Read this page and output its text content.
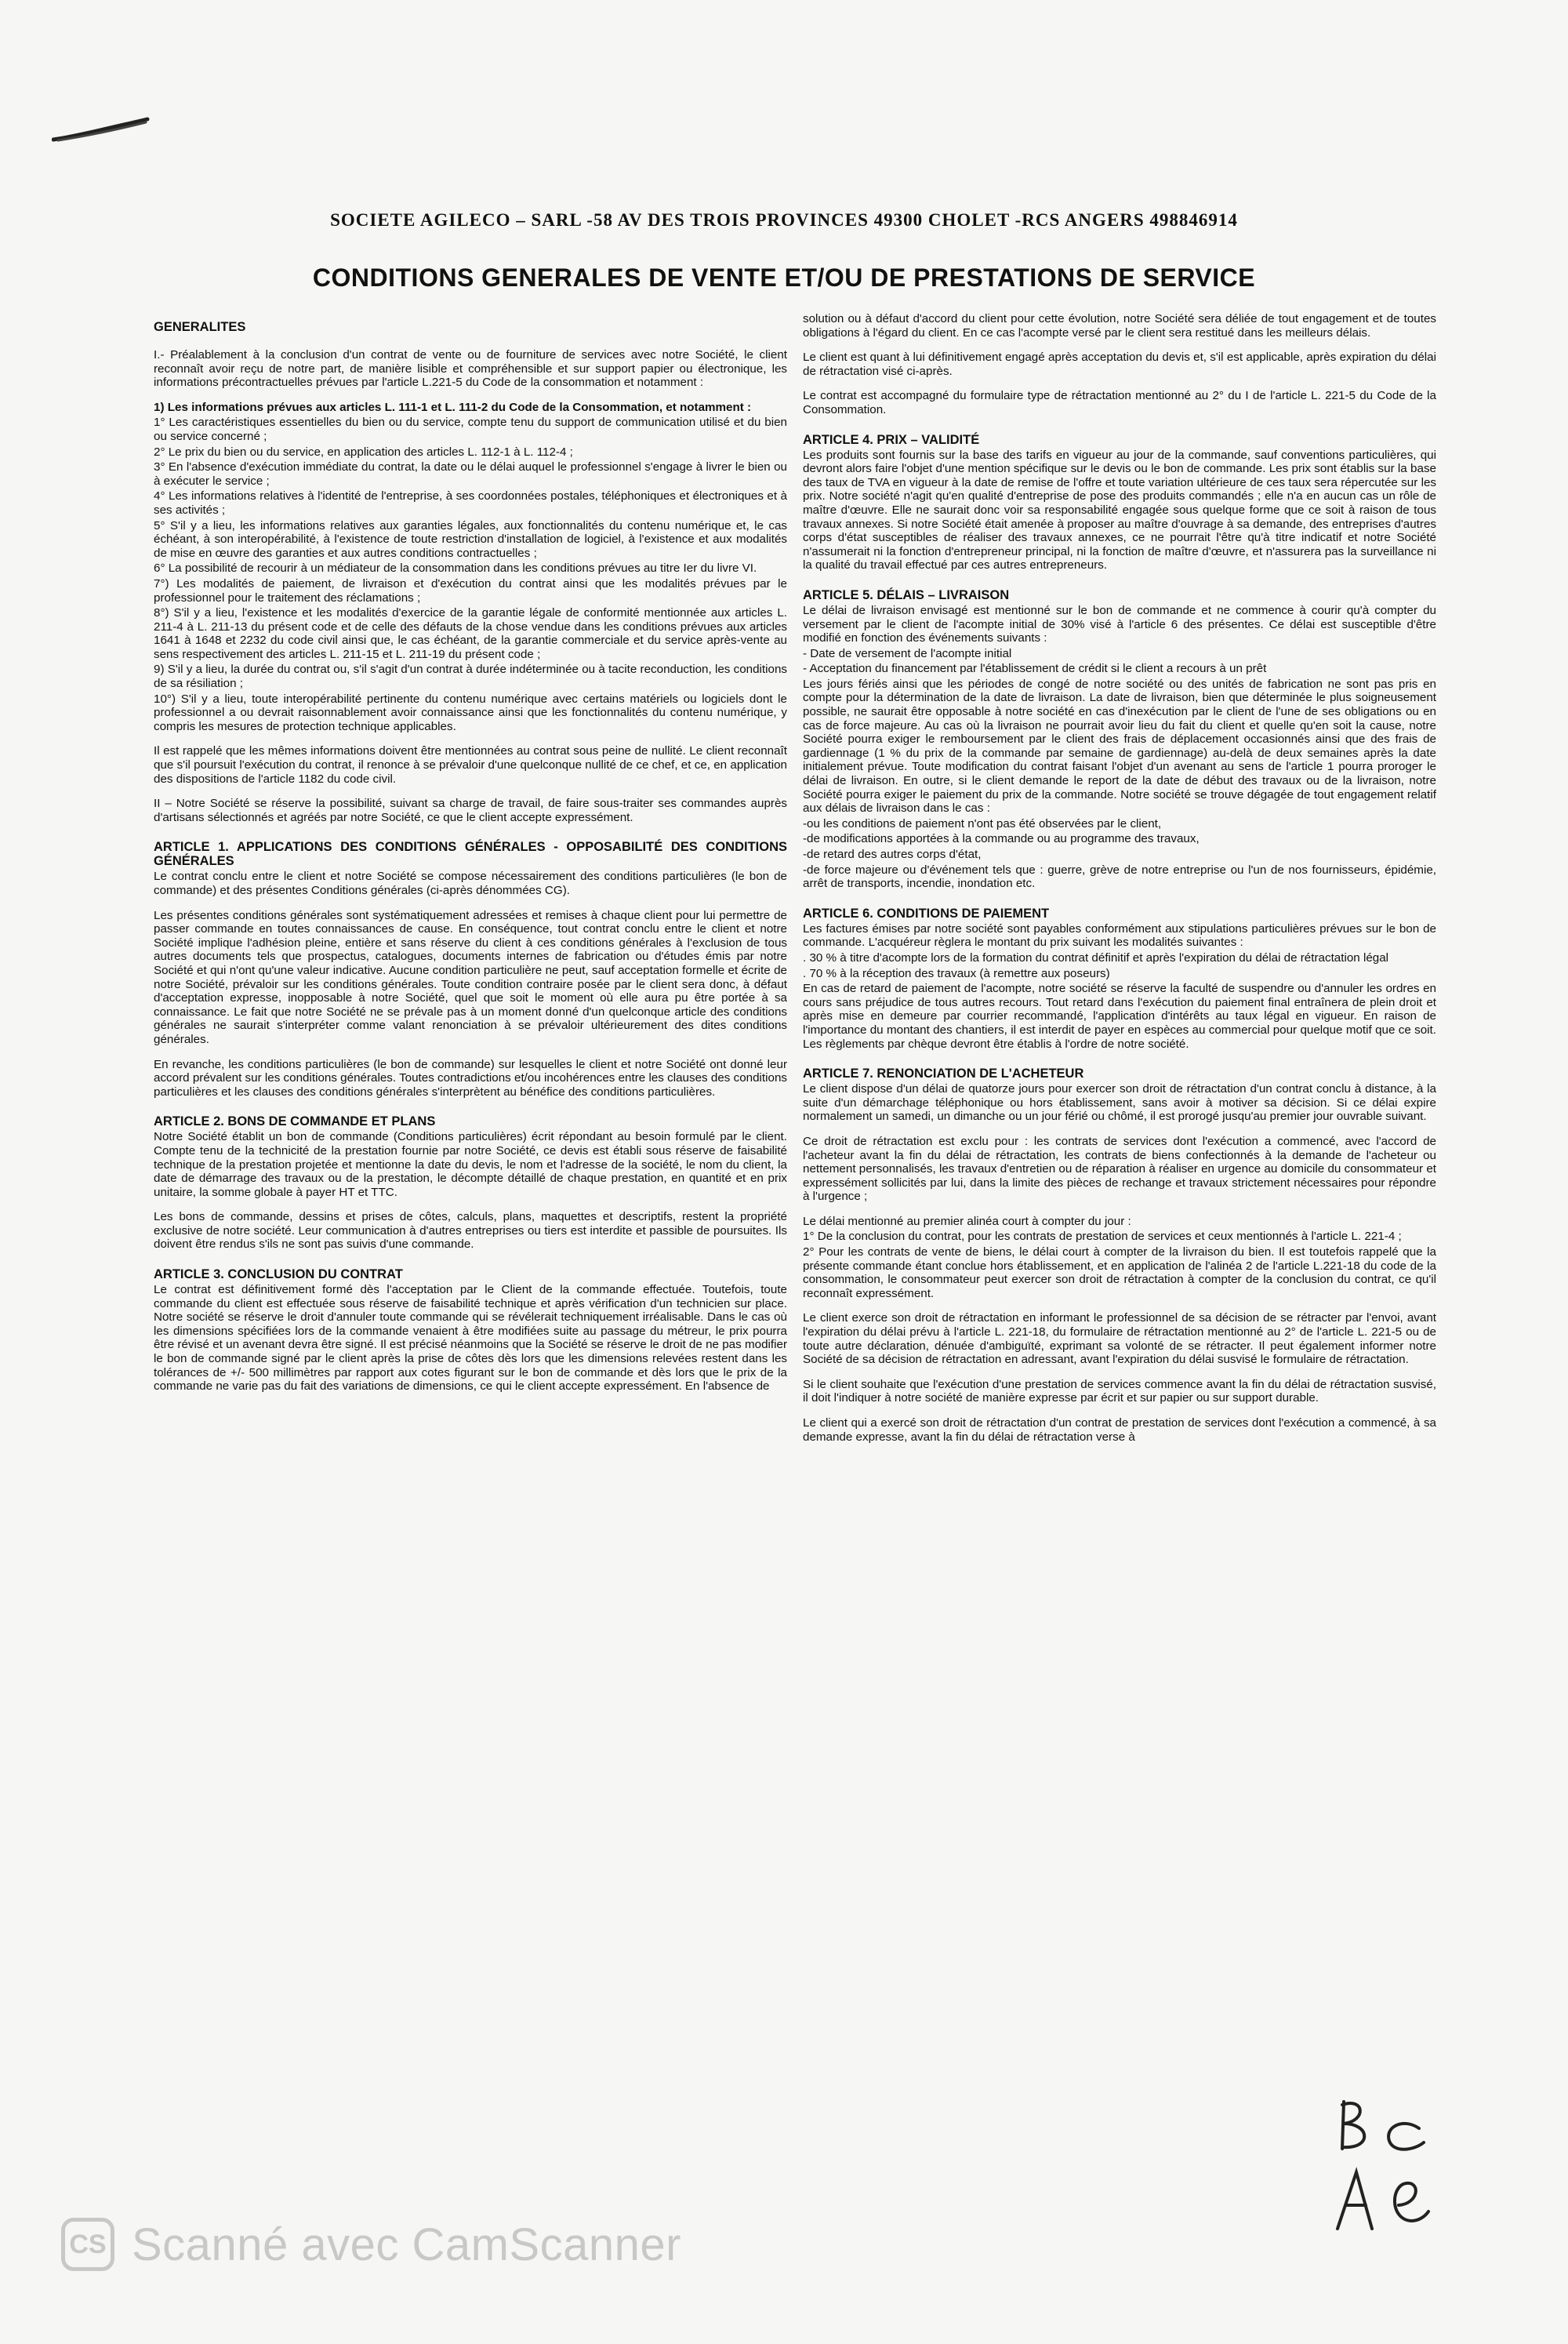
SOCIETE AGILECO – SARL -58 AV DES TROIS PROVINCES 49300 CHOLET -RCS ANGERS 498846914
CONDITIONS GENERALES DE VENTE ET/OU DE PRESTATIONS DE SERVICE
GENERALITES

I.- Préalablement à la conclusion d'un contrat de vente ou de fourniture de services avec notre Société, le client reconnaît avoir reçu de notre part, de manière lisible et compréhensible et sur support papier ou électronique, les informations précontractuelles prévues par l'article L.221-5 du Code de la consommation et notamment :

1) Les informations prévues aux articles L. 111-1 et L. 111-2 du Code de la Consommation, et notamment :

1° Les caractéristiques essentielles du bien ou du service, compte tenu du support de communication utilisé et du bien ou service concerné ;

2° Le prix du bien ou du service, en application des articles L. 112-1 à L. 112-4 ;

3° En l'absence d'exécution immédiate du contrat, la date ou le délai auquel le professionnel s'engage à livrer le bien ou à exécuter le service ;

4° Les informations relatives à l'identité de l'entreprise, à ses coordonnées postales, téléphoniques et électroniques et à ses activités ;

5° S'il y a lieu, les informations relatives aux garanties légales, aux fonctionnalités du contenu numérique et, le cas échéant, à son interopérabilité, à l'existence de toute restriction d'installation de logiciel, à l'existence et aux modalités de mise en œuvre des garanties et aux autres conditions contractuelles ;

6° La possibilité de recourir à un médiateur de la consommation dans les conditions prévues au titre Ier du livre VI.

7°) Les modalités de paiement, de livraison et d'exécution du contrat ainsi que les modalités prévues par le professionnel pour le traitement des réclamations ;

8°) S'il y a lieu, l'existence et les modalités d'exercice de la garantie légale de conformité mentionnée aux articles L. 211-4 à L. 211-13 du présent code et de celle des défauts de la chose vendue dans les conditions prévues aux articles 1641 à 1648 et 2232 du code civil ainsi que, le cas échéant, de la garantie commerciale et du service après-vente au sens respectivement des articles L. 211-15 et L. 211-19 du présent code ;

9) S'il y a lieu, la durée du contrat ou, s'il s'agit d'un contrat à durée indéterminée ou à tacite reconduction, les conditions de sa résiliation ;

10°) S'il y a lieu, toute interopérabilité pertinente du contenu numérique avec certains matériels ou logiciels dont le professionnel a ou devrait raisonnablement avoir connaissance ainsi que les fonctionnalités du contenu numérique, y compris les mesures de protection technique applicables.

Il est rappelé que les mêmes informations doivent être mentionnées au contrat sous peine de nullité. Le client reconnaît que s'il poursuit l'exécution du contrat, il renonce à se prévaloir d'une quelconque nullité de ce chef, et ce, en application des dispositions de l'article 1182 du code civil.

II – Notre Société se réserve la possibilité, suivant sa charge de travail, de faire sous-traiter ses commandes auprès d'artisans sélectionnés et agréés par notre Société, ce que le client accepte expressément.

ARTICLE 1. APPLICATIONS DES CONDITIONS GÉNÉRALES - OPPOSABILITÉ DES CONDITIONS GÉNÉRALES

Le contrat conclu entre le client et notre Société se compose nécessairement des conditions particulières (le bon de commande) et des présentes Conditions générales (ci-après dénommées CG).

Les présentes conditions générales sont systématiquement adressées et remises à chaque client pour lui permettre de passer commande en toutes connaissances de cause. En conséquence, tout contrat conclu entre le client et notre Société implique l'adhésion pleine, entière et sans réserve du client à ces conditions générales à l'exclusion de tous autres documents tels que prospectus, catalogues, documents internes de fabrication ou d'études émis par notre Société et qui n'ont qu'une valeur indicative. Aucune condition particulière ne peut, sauf acceptation formelle et écrite de notre Société, prévaloir sur les conditions générales. Toute condition contraire posée par le client sera donc, à défaut d'acceptation expresse, inopposable à notre Société, quel que soit le moment où elle aura pu être portée à sa connaissance. Le fait que notre Société ne se prévale pas à un moment donné d'un quelconque article des conditions générales ne saurait s'interpréter comme valant renonciation à se prévaloir ultérieurement des dites conditions générales.

En revanche, les conditions particulières (le bon de commande) sur lesquelles le client et notre Société ont donné leur accord prévalent sur les conditions générales. Toutes contradictions et/ou incohérences entre les clauses des conditions particulières et les clauses des conditions générales s'interprètent au bénéfice des conditions particulières.

ARTICLE 2. BONS DE COMMANDE ET PLANS

Notre Société établit un bon de commande (Conditions particulières) écrit répondant au besoin formulé par le client. Compte tenu de la technicité de la prestation fournie par notre Société, ce devis est établi sous réserve de faisabilité technique de la prestation projetée et mentionne la date du devis, le nom et l'adresse de la société, le nom du client, la date de démarrage des travaux ou de la prestation, le décompte détaillé de chaque prestation, en quantité et en prix unitaire, la somme globale à payer HT et TTC.

Les bons de commande, dessins et prises de côtes, calculs, plans, maquettes et descriptifs, restent la propriété exclusive de notre société. Leur communication à d'autres entreprises ou tiers est interdite et passible de poursuites. Ils doivent être rendus s'ils ne sont pas suivis d'une commande.

ARTICLE 3. CONCLUSION DU CONTRAT

Le contrat est définitivement formé dès l'acceptation par le Client de la commande effectuée. Toutefois, toute commande du client est effectuée sous réserve de faisabilité technique et après vérification d'un technicien sur place. Notre société se réserve le droit d'annuler toute commande qui se révélerait techniquement irréalisable. Dans le cas où les dimensions spécifiées lors de la commande venaient à être modifiées suite au passage du métreur, le prix pourra être révisé et un avenant devra être signé. Il est précisé néanmoins que la Société se réserve le droit de ne pas modifier le bon de commande signé par le client après la prise de côtes dès lors que les dimensions relevées restent dans les tolérances de +/- 500 millimètres par rapport aux cotes figurant sur le bon de commande et dès lors que le prix de la commande ne varie pas du fait des variations de dimensions, ce qui le client accepte expressément. En l'absence de

solution ou à défaut d'accord du client pour cette évolution, notre Société sera déliée de tout engagement et de toutes obligations à l'égard du client. En ce cas l'acompte versé par le client sera restitué dans les meilleurs délais.

Le client est quant à lui définitivement engagé après acceptation du devis et, s'il est applicable, après expiration du délai de rétractation visé ci-après.

Le contrat est accompagné du formulaire type de rétractation mentionné au 2° du I de l'article L. 221-5 du Code de la Consommation.

ARTICLE 4. PRIX – VALIDITÉ

Les produits sont fournis sur la base des tarifs en vigueur au jour de la commande, sauf conventions particulières, qui devront alors faire l'objet d'une mention spécifique sur le devis ou le bon de commande. Les prix sont établis sur la base des taux de TVA en vigueur à la date de remise de l'offre et toute variation ultérieure de ces taux sera répercutée sur les prix. Notre société n'agit qu'en qualité d'entreprise de pose des produits commandés ; elle n'a en aucun cas un rôle de maître d'œuvre. Elle ne saurait donc voir sa responsabilité engagée sous quelque forme que ce soit à raison de tous travaux annexes. Si notre Société était amenée à proposer au maître d'ouvrage à sa demande, des entreprises d'autres corps d'état susceptibles de réaliser des travaux annexes, ce ne pourrait l'être qu'à titre indicatif et notre Société n'assumerait ni la fonction d'entrepreneur principal, ni la fonction de maître d'œuvre, et n'assurera pas la surveillance ni la qualité du travail effectué par ces autres entrepreneurs.

ARTICLE 5. DÉLAIS – LIVRAISON

Le délai de livraison envisagé est mentionné sur le bon de commande et ne commence à courir qu'à compter du versement par le client de l'acompte initial de 30% visé à l'article 6 des présentes. Ce délai est susceptible d'être modifié en fonction des événements suivants :

- Date de versement de l'acompte initial

- Acceptation du financement par l'établissement de crédit si le client a recours à un prêt

Les jours fériés ainsi que les périodes de congé de notre société ou des unités de fabrication ne sont pas pris en compte pour la détermination de la date de livraison. La date de livraison, bien que déterminée le plus soigneusement possible, ne saurait être opposable à notre société en cas d'inexécution par le client de l'une de ses obligations ou en cas de force majeure. Au cas où la livraison ne pourrait avoir lieu du fait du client et quelle qu'en soit la cause, notre Société pourra exiger le remboursement par le client des frais de déplacement occasionnés ainsi que des frais de gardiennage (1 % du prix de la commande par semaine de gardiennage) au-delà de deux semaines après la date initialement prévue. Toute modification du contrat faisant l'objet d'un avenant au sens de l'article 1 pourra proroger le délai de livraison. En outre, si le client demande le report de la date de début des travaux ou de la livraison, notre Société pourra exiger le paiement du prix de la commande. Notre société se trouve dégagée de tout engagement relatif aux délais de livraison dans le cas :

-ou les conditions de paiement n'ont pas été observées par le client,

-de modifications apportées à la commande ou au programme des travaux,

-de retard des autres corps d'état,

-de force majeure ou d'événement tels que : guerre, grève de notre entreprise ou l'un de nos fournisseurs, épidémie, arrêt de transports, incendie, inondation etc.

ARTICLE 6. CONDITIONS DE PAIEMENT

Les factures émises par notre société sont payables conformément aux stipulations particulières prévues sur le bon de commande. L'acquéreur règlera le montant du prix suivant les modalités suivantes :

. 30 % à titre d'acompte lors de la formation du contrat définitif et après l'expiration du délai de rétractation légal

. 70 % à la réception des travaux (à remettre aux poseurs)

En cas de retard de paiement de l'acompte, notre société se réserve la faculté de suspendre ou d'annuler les ordres en cours sans préjudice de tous autres recours. Tout retard dans l'exécution du paiement final entraînera de plein droit et après mise en demeure par courrier recommandé, l'application d'intérêts au taux légal en vigueur. En raison de l'importance du montant des chantiers, il est interdit de payer en espèces au commercial pour quelque motif que ce soit. Les règlements par chèque devront être établis à l'ordre de notre société.

ARTICLE 7. RENONCIATION DE L'ACHETEUR

Le client dispose d'un délai de quatorze jours pour exercer son droit de rétractation d'un contrat conclu à distance, à la suite d'un démarchage téléphonique ou hors établissement, sans avoir à motiver sa décision. Si ce délai expire normalement un samedi, un dimanche ou un jour férié ou chômé, il est prorogé jusqu'au premier jour ouvrable suivant.

Ce droit de rétractation est exclu pour : les contrats de services dont l'exécution a commencé, avec l'accord de l'acheteur avant la fin du délai de rétractation, les contrats de biens confectionnés à la demande de l'acheteur ou nettement personnalisés, les travaux d'entretien ou de réparation à réaliser en urgence au domicile du consommateur et expressément sollicités par lui, dans la limite des pièces de rechange et travaux strictement nécessaires pour répondre à l'urgence ;

Le délai mentionné au premier alinéa court à compter du jour :

1° De la conclusion du contrat, pour les contrats de prestation de services et ceux mentionnés à l'article L. 221-4 ;

2° Pour les contrats de vente de biens, le délai court à compter de la livraison du bien. Il est toutefois rappelé que la présente commande étant conclue hors établissement, et en application de l'alinéa 2 de l'article L.221-18 du code de la consommation, le consommateur peut exercer son droit de rétractation à compter de la conclusion du contrat, ce qu'il reconnaît expressément.

Le client exerce son droit de rétractation en informant le professionnel de sa décision de se rétracter par l'envoi, avant l'expiration du délai prévu à l'article L. 221-18, du formulaire de rétractation mentionné au 2° de l'article L. 221-5 ou de toute autre déclaration, dénuée d'ambiguïté, exprimant sa volonté de se rétracter. Il peut également informer notre Société de sa décision de rétractation en adressant, avant l'expiration du délai susvisé le formulaire de rétractation.

Si le client souhaite que l'exécution d'une prestation de services commence avant la fin du délai de rétractation susvisé, il doit l'indiquer à notre société de manière expresse par écrit et sur papier ou sur support durable.

Le client qui a exercé son droit de rétractation d'un contrat de prestation de services dont l'exécution a commencé, à sa demande expresse, avant la fin du délai de rétractation verse à

CS Scanné avec CamScanner
